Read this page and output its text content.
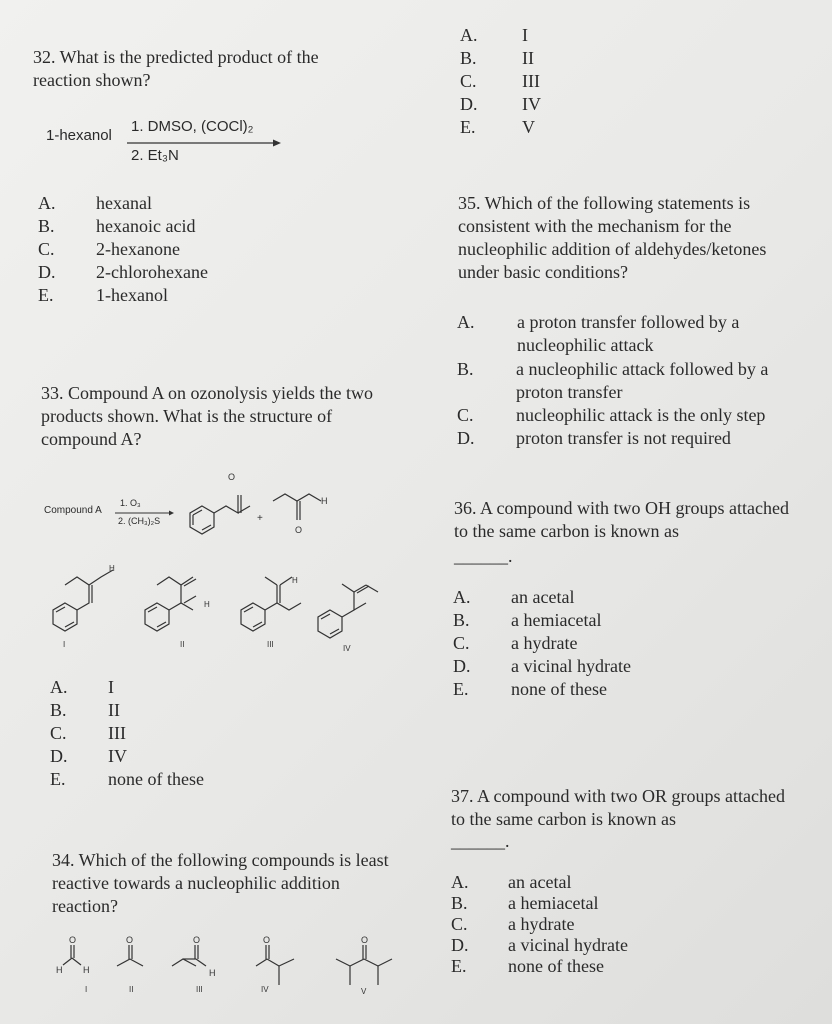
A.
B.
C.
D.
E.
I
II
III
IV
V
32. What is the predicted product of the reaction shown?
1-hexanol
1. DMSO, (COCl)₂
2. Et₃N
A.
B.
C.
D.
E.
hexanal
hexanoic acid
2-hexanone
2-chlorohexane
1-hexanol
33. Compound A on ozonolysis yields the two products shown. What is the structure of compound A?
Compound A
1. O₃
2. (CH₃)₂S
O
+
H
O
H
I
H
II
H
III	IV
A.
B.
C.
D.
E.
I
II
III
IV
none of these
34. Which of the following compounds is least reactive towards a nucleophilic addition reaction?
O
H H
I
O
II
O
H
III
O
IV
O
V
35. Which of the following statements is consistent with the mechanism for the nucleophilic addition of aldehydes/ketones under basic conditions?
A. a proton transfer followed by a nucleophilic attack
B. a nucleophilic attack followed by a proton transfer
C. nucleophilic attack is the only step
D. proton transfer is not required
36. A compound with two OH groups attached to the same carbon is known as
______.
A.
B.
C.
D.
E.
an acetal
a hemiacetal
a hydrate
a vicinal hydrate
none of these
37. A compound with two OR groups attached to the same carbon is known as
______.
A.
B.
C.
D.
E.
an acetal
a hemiacetal
a hydrate
a vicinal hydrate
none of these
